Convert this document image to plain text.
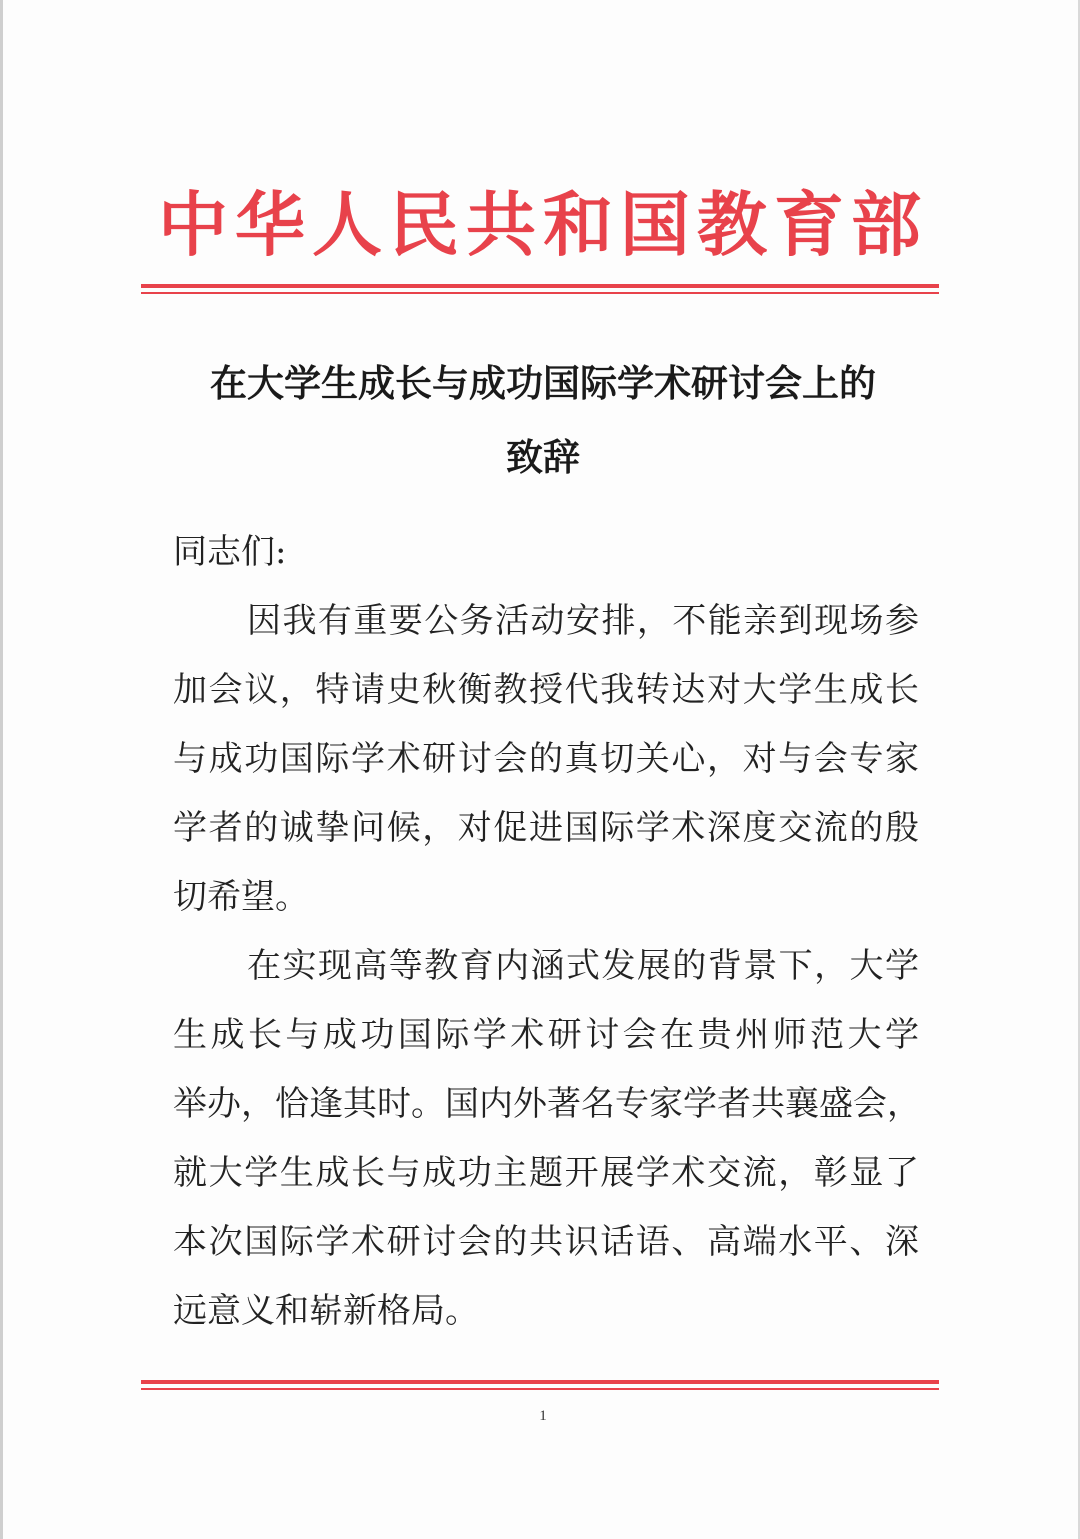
中华人民共和国教育部
在大学生成长与成功国际学术研讨会上的
致辞
同志们:
因我有重要公务活动安排，不能亲到现场参
加会议，特请史秋衡教授代我转达对大学生成长
与成功国际学术研讨会的真切关心，对与会专家
学者的诚挚问候，对促进国际学术深度交流的殷
切希望。
在实现高等教育内涵式发展的背景下，大学
生成长与成功国际学术研讨会在贵州师范大学
举办，恰逢其时。国内外著名专家学者共襄盛会，
就大学生成长与成功主题开展学术交流，彰显了
本次国际学术研讨会的共识话语、高端水平、深
远意义和崭新格局。
1
